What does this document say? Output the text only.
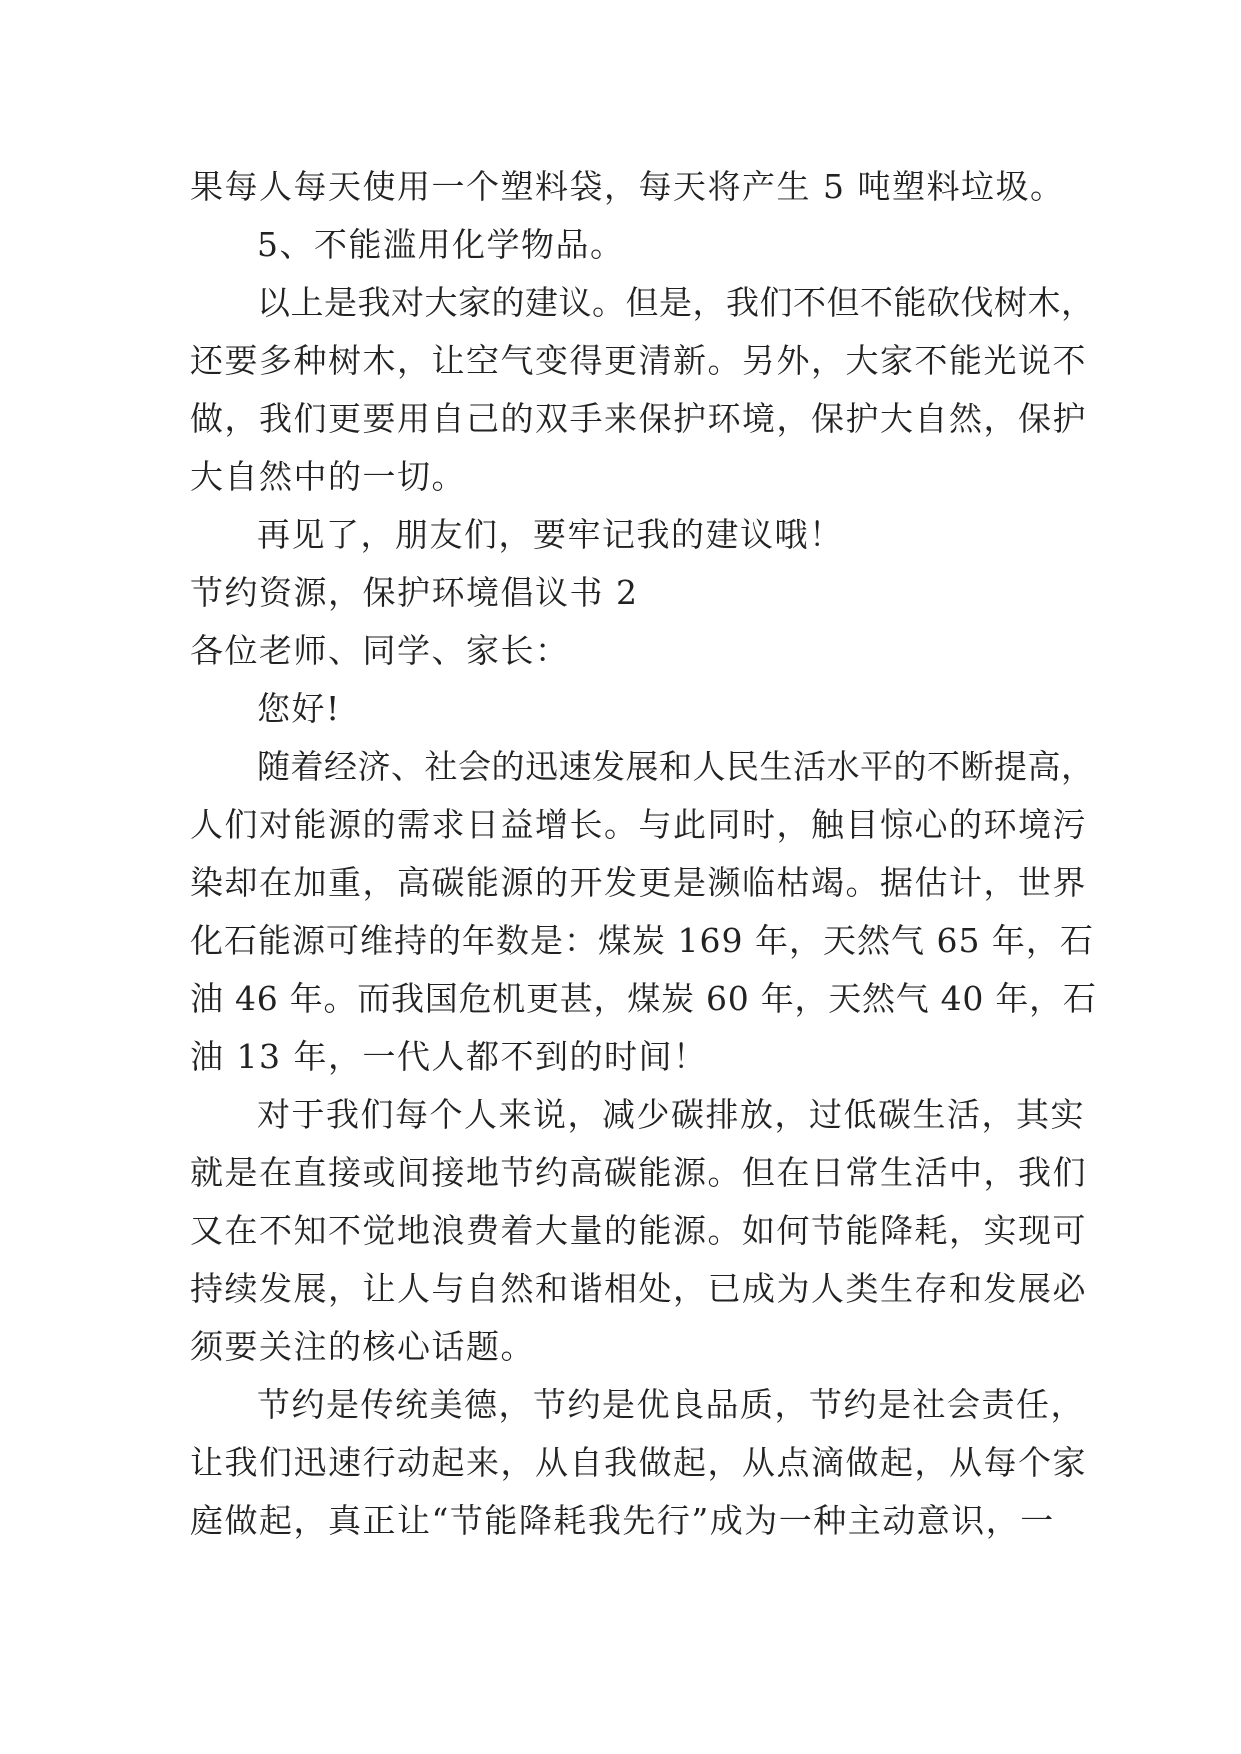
果每人每天使用一个塑料袋，每天将产生 5 吨塑料垃圾。
5、不能滥用化学物品。
以上是我对大家的建议。但是，我们不但不能砍伐树木，
还要多种树木，让空气变得更清新。另外，大家不能光说不
做，我们更要用自己的双手来保护环境，保护大自然，保护
大自然中的一切。
再见了，朋友们，要牢记我的建议哦！
节约资源，保护环境倡议书 2
各位老师、同学、家长：
您好!
随着经济、社会的迅速发展和人民生活水平的不断提高，
人们对能源的需求日益增长。与此同时，触目惊心的环境污
染却在加重，高碳能源的开发更是濒临枯竭。据估计，世界
化石能源可维持的年数是：煤炭 169 年，天然气 65 年，石
油 46 年。而我国危机更甚，煤炭 60 年，天然气 40 年，石
油 13 年，一代人都不到的时间！
对于我们每个人来说，减少碳排放，过低碳生活，其实
就是在直接或间接地节约高碳能源。但在日常生活中，我们
又在不知不觉地浪费着大量的能源。如何节能降耗，实现可
持续发展，让人与自然和谐相处，已成为人类生存和发展必
须要关注的核心话题。
节约是传统美德，节约是优良品质，节约是社会责任，
让我们迅速行动起来，从自我做起，从点滴做起，从每个家
庭做起，真正让“节能降耗我先行”成为一种主动意识，一
